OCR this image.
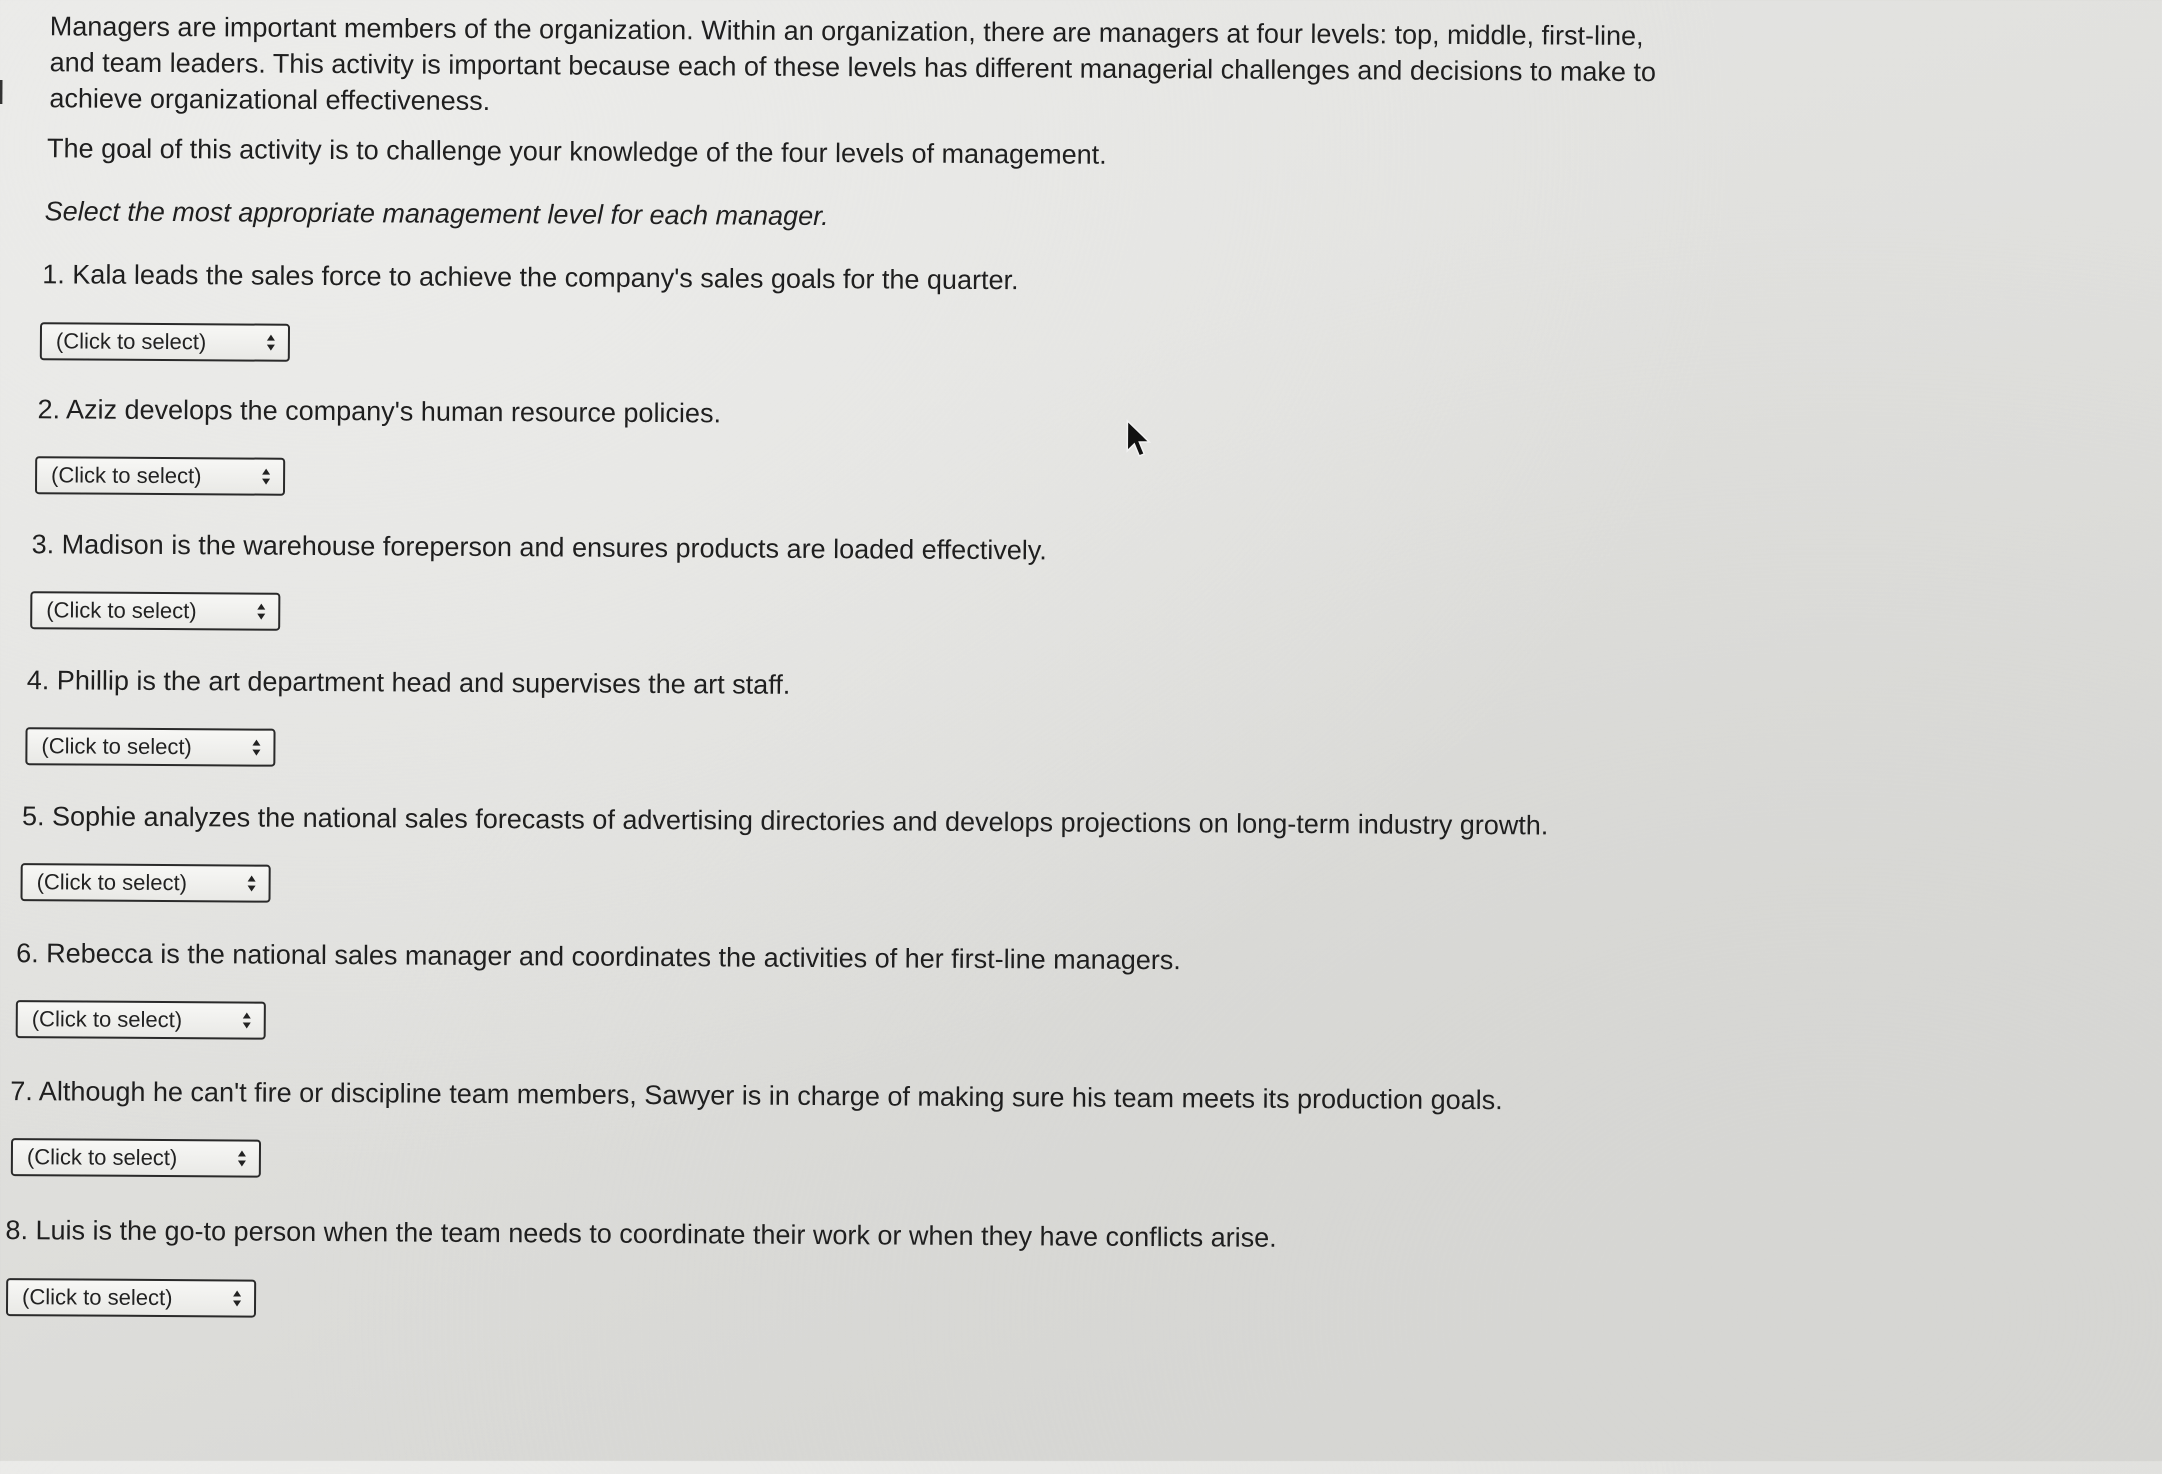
Managers are important members of the organization. Within an organization, there are managers at four levels: top, middle, first-line,
and team leaders. This activity is important because each of these levels has different managerial challenges and decisions to make to
achieve organizational effectiveness.
The goal of this activity is to challenge your knowledge of the four levels of management.
Select the most appropriate management level for each manager.
1. Kala leads the sales force to achieve the company's sales goals for the quarter.
(Click to select)
2. Aziz develops the company's human resource policies.
(Click to select)
3. Madison is the warehouse foreperson and ensures products are loaded effectively.
(Click to select)
4. Phillip is the art department head and supervises the art staff.
(Click to select)
5. Sophie analyzes the national sales forecasts of advertising directories and develops projections on long-term industry growth.
(Click to select)
6. Rebecca is the national sales manager and coordinates the activities of her first-line managers.
(Click to select)
7. Although he can't fire or discipline team members, Sawyer is in charge of making sure his team meets its production goals.
(Click to select)
8. Luis is the go-to person when the team needs to coordinate their work or when they have conflicts arise.
(Click to select)
